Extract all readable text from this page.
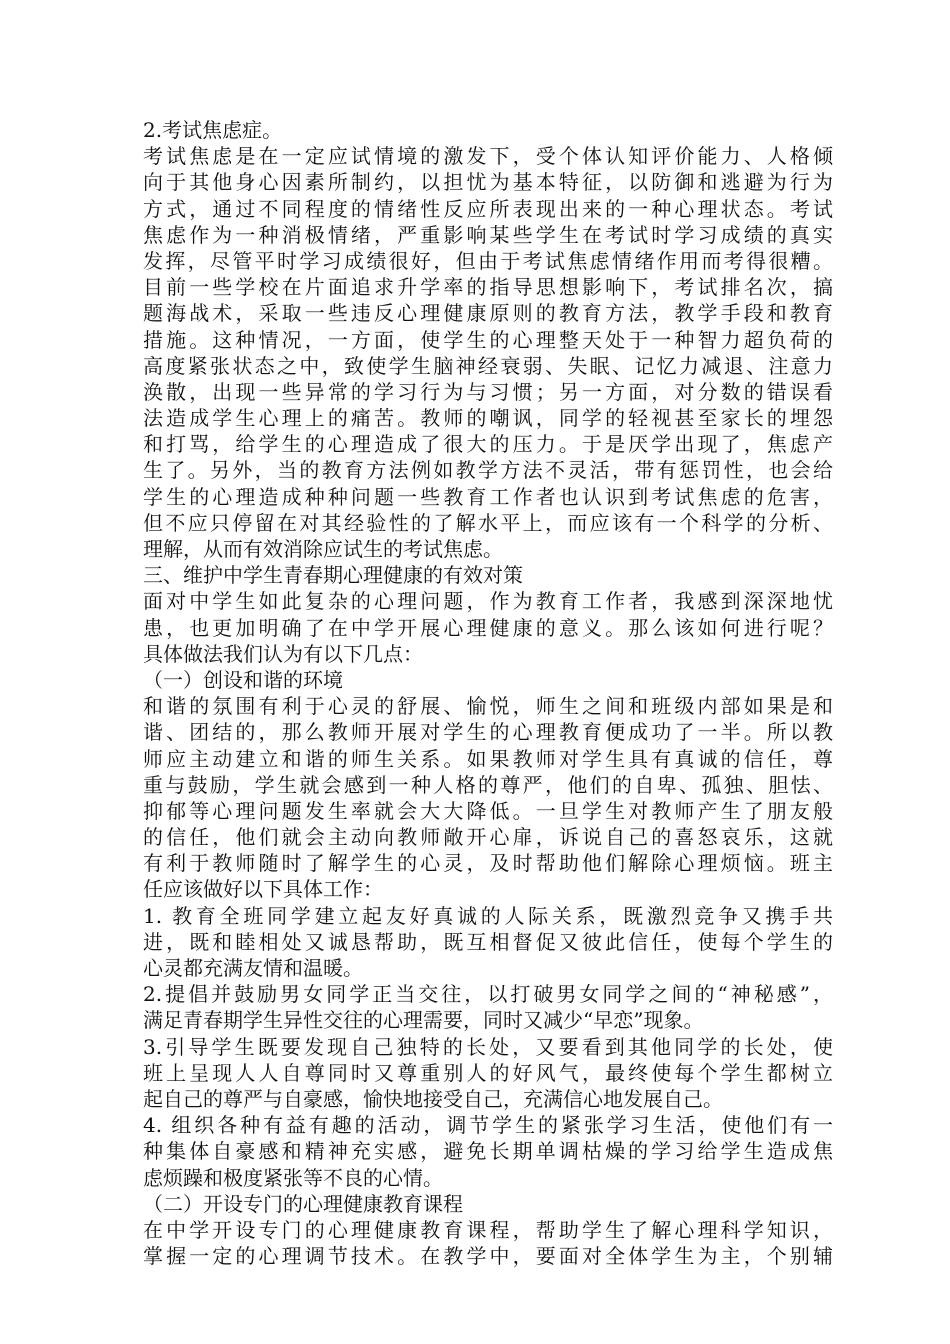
2.考试焦虑症。
考试焦虑是在一定应试情境的激发下，受个体认知评价能力、人格倾
向于其他身心因素所制约，以担忧为基本特征，以防御和逃避为行为
方式，通过不同程度的情绪性反应所表现出来的一种心理状态。考试
焦虑作为一种消极情绪，严重影响某些学生在考试时学习成绩的真实
发挥，尽管平时学习成绩很好，但由于考试焦虑情绪作用而考得很糟。
目前一些学校在片面追求升学率的指导思想影响下，考试排名次，搞
题海战术，采取一些违反心理健康原则的教育方法，教学手段和教育
措施。这种情况，一方面，使学生的心理整天处于一种智力超负荷的
高度紧张状态之中，致使学生脑神经衰弱、失眠、记忆力减退、注意力
涣散，出现一些异常的学习行为与习惯；另一方面，对分数的错误看
法造成学生心理上的痛苦。教师的嘲讽，同学的轻视甚至家长的埋怨
和打骂，给学生的心理造成了很大的压力。于是厌学出现了，焦虑产
生了。另外，当的教育方法例如教学方法不灵活，带有惩罚性，也会给
学生的心理造成种种问题一些教育工作者也认识到考试焦虑的危害，
但不应只停留在对其经验性的了解水平上，而应该有一个科学的分析、
理解，从而有效消除应试生的考试焦虑。
三、维护中学生青春期心理健康的有效对策
面对中学生如此复杂的心理问题，作为教育工作者，我感到深深地忧
患，也更加明确了在中学开展心理健康的意义。那么该如何进行呢？
具体做法我们认为有以下几点：
（一）创设和谐的环境
和谐的氛围有利于心灵的舒展、愉悦，师生之间和班级内部如果是和
谐、团结的，那么教师开展对学生的心理教育便成功了一半。所以教
师应主动建立和谐的师生关系。如果教师对学生具有真诚的信任，尊
重与鼓励，学生就会感到一种人格的尊严，他们的自卑、孤独、胆怯、
抑郁等心理问题发生率就会大大降低。一旦学生对教师产生了朋友般
的信任，他们就会主动向教师敞开心扉，诉说自己的喜怒哀乐，这就
有利于教师随时了解学生的心灵，及时帮助他们解除心理烦恼。班主
任应该做好以下具体工作：
1. 教育全班同学建立起友好真诚的人际关系，既激烈竞争又携手共
进，既和睦相处又诚恳帮助，既互相督促又彼此信任，使每个学生的
心灵都充满友情和温暖。
2.提倡并鼓励男女同学正当交往，以打破男女同学之间的“神秘感”，
满足青春期学生异性交往的心理需要，同时又减少“早恋”现象。
3.引导学生既要发现自己独特的长处，又要看到其他同学的长处，使
班上呈现人人自尊同时又尊重别人的好风气，最终使每个学生都树立
起自己的尊严与自豪感，愉快地接受自己，充满信心地发展自己。
4. 组织各种有益有趣的活动，调节学生的紧张学习生活，使他们有一
种集体自豪感和精神充实感，避免长期单调枯燥的学习给学生造成焦
虑烦躁和极度紧张等不良的心情。
（二）开设专门的心理健康教育课程
在中学开设专门的心理健康教育课程，帮助学生了解心理科学知识，
掌握一定的心理调节技术。在教学中，要面对全体学生为主，个别辅
